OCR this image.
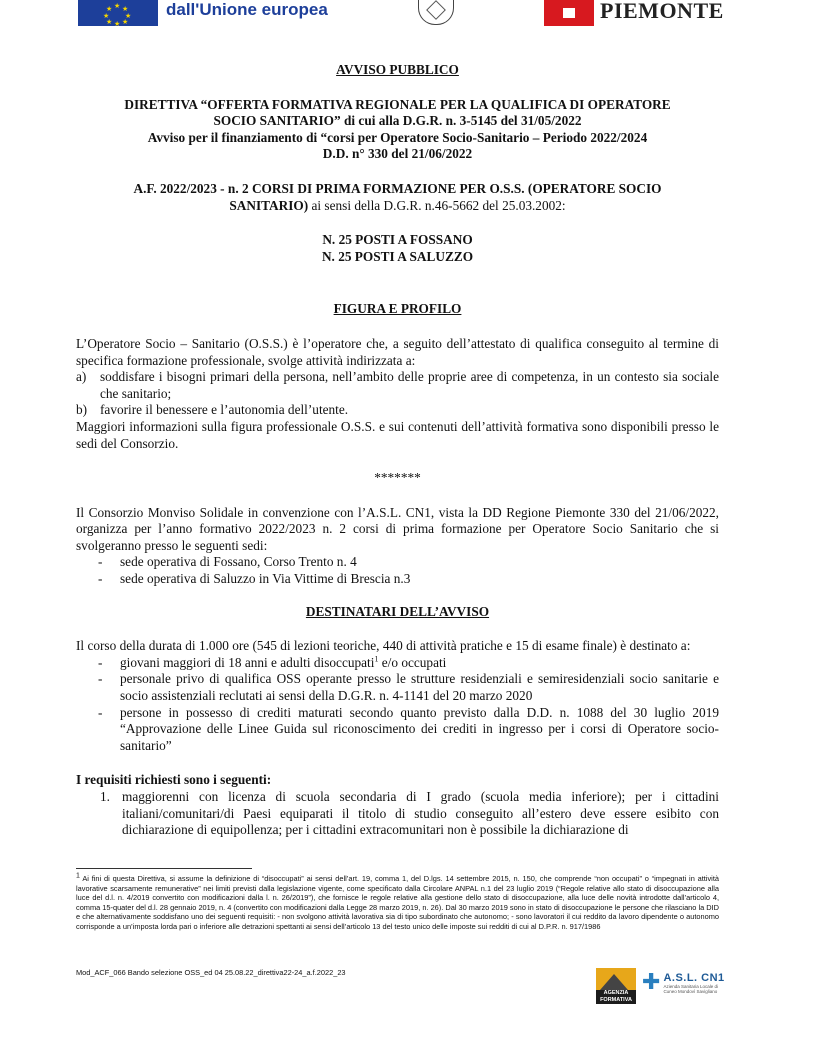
★ ★
★
★
★
★
★ ★
dall'Unione europea	PIEMONTE

AVVISO PUBBLICO

DIRETTIVA “OFFERTA FORMATIVA REGIONALE PER LA QUALIFICA DI OPERATORE

SOCIO SANITARIO” di cui alla D.G.R. n. 3-5145 del 31/05/2022

Avviso per il finanziamento di “corsi per Operatore Socio-Sanitario – Periodo 2022/2024

D.D. n° 330 del 21/06/2022

A.F. 2022/2023 - n. 2 CORSI DI PRIMA FORMAZIONE PER O.S.S. (OPERATORE SOCIO

SANITARIO) ai sensi della D.G.R. n.46-5662 del 25.03.2002:

N. 25 POSTI A FOSSANO

N. 25 POSTI A SALUZZO

FIGURA E PROFILO

L’Operatore Socio – Sanitario (O.S.S.) è l’operatore che, a seguito dell’attestato di qualifica conseguito al termine di specifica formazione professionale, svolge attività indirizzata a:

a)	soddisfare i bisogni primari della persona, nell’ambito delle proprie aree di competenza, in un contesto sia sociale che sanitario;
b) favorire il benessere e l’autonomia dell’utente.

Maggiori informazioni sulla figura professionale O.S.S. e sui contenuti dell’attività formativa sono disponibili presso le sedi del Consorzio.

*******

Il Consorzio Monviso Solidale in convenzione con l’A.S.L. CN1, vista la DD Regione Piemonte 330 del 21/06/2022, organizza per l’anno formativo 2022/2023 n. 2 corsi di prima formazione per Operatore Socio Sanitario che si svolgeranno presso le seguenti sedi:

-	sede operativa di Fossano, Corso Trento n. 4
-	sede operativa di Saluzzo in Via Vittime di Brescia n.3

DESTINATARI DELL’AVVISO

Il corso della durata di 1.000 ore (545 di lezioni teoriche, 440 di attività pratiche e 15 di esame finale) è destinato a:

-	giovani maggiori di 18 anni e adulti disoccupati$^1$ e/o occupati
-	personale privo di qualifica OSS operante presso le strutture residenziali e semiresidenziali socio sanitarie e socio assistenziali reclutati ai sensi della D.G.R. n. 4-1141 del 20 marzo 2020
-	persone in possesso di crediti maturati secondo quanto previsto dalla D.D. n. 1088 del 30 luglio 2019 “Approvazione delle Linee Guida sul riconoscimento dei crediti in ingresso per i corsi di Operatore socio-sanitario”

I requisiti richiesti sono i seguenti:

1. maggiorenni con licenza di scuola secondaria di I grado (scuola media inferiore); per i cittadini italiani/comunitari/di Paesi equiparati il titolo di studio conseguito all’estero deve essere esibito con dichiarazione di equipollenza; per i cittadini extracomunitari non è possibile la dichiarazione di
$^1$ Ai fini di questa Direttiva, si assume la definizione di “disoccupati” ai sensi dell’art. 19, comma 1, del D.lgs. 14 settembre 2015, n. 150, che comprende “non occupati” o “impegnati in attività lavorative scarsamente remunerative” nei limiti previsti dalla legislazione vigente, come specificato dalla Circolare ANPAL n.1 del 23 luglio 2019 (“Regole relative allo stato di disoccupazione alla luce del d.l. n. 4/2019 convertito con modificazioni dalla l. n. 26/2019”), che fornisce le regole relative alla gestione dello stato di disoccupazione, alla luce delle novità introdotte dall’articolo 4, comma 15-quater del d.l. 28 gennaio 2019, n. 4 (convertito con modificazioni dalla Legge 28 marzo 2019, n. 26). Dal 30 marzo 2019 sono in stato di disoccupazione le persone che rilasciano la DID e che alternativamente soddisfano uno dei seguenti requisiti: - non svolgono attività lavorativa sia di tipo subordinato che autonomo; - sono lavoratori il cui reddito da lavoro dipendente o autonomo corrisponde a un’imposta lorda pari o inferiore alle detrazioni spettanti ai sensi dell’articolo 13 del testo unico delle imposte sui redditi di cui al D.P.R. n. 917/1986
Mod_ACF_066 Bando selezione OSS_ed 04 25.08.22_direttiva22-24_a.f.2022_23
AGENZIA FORMATIVA
✚ A.S.L. CN1
Azienda Sanitaria Locale di Cuneo Mondovì Savigliano
